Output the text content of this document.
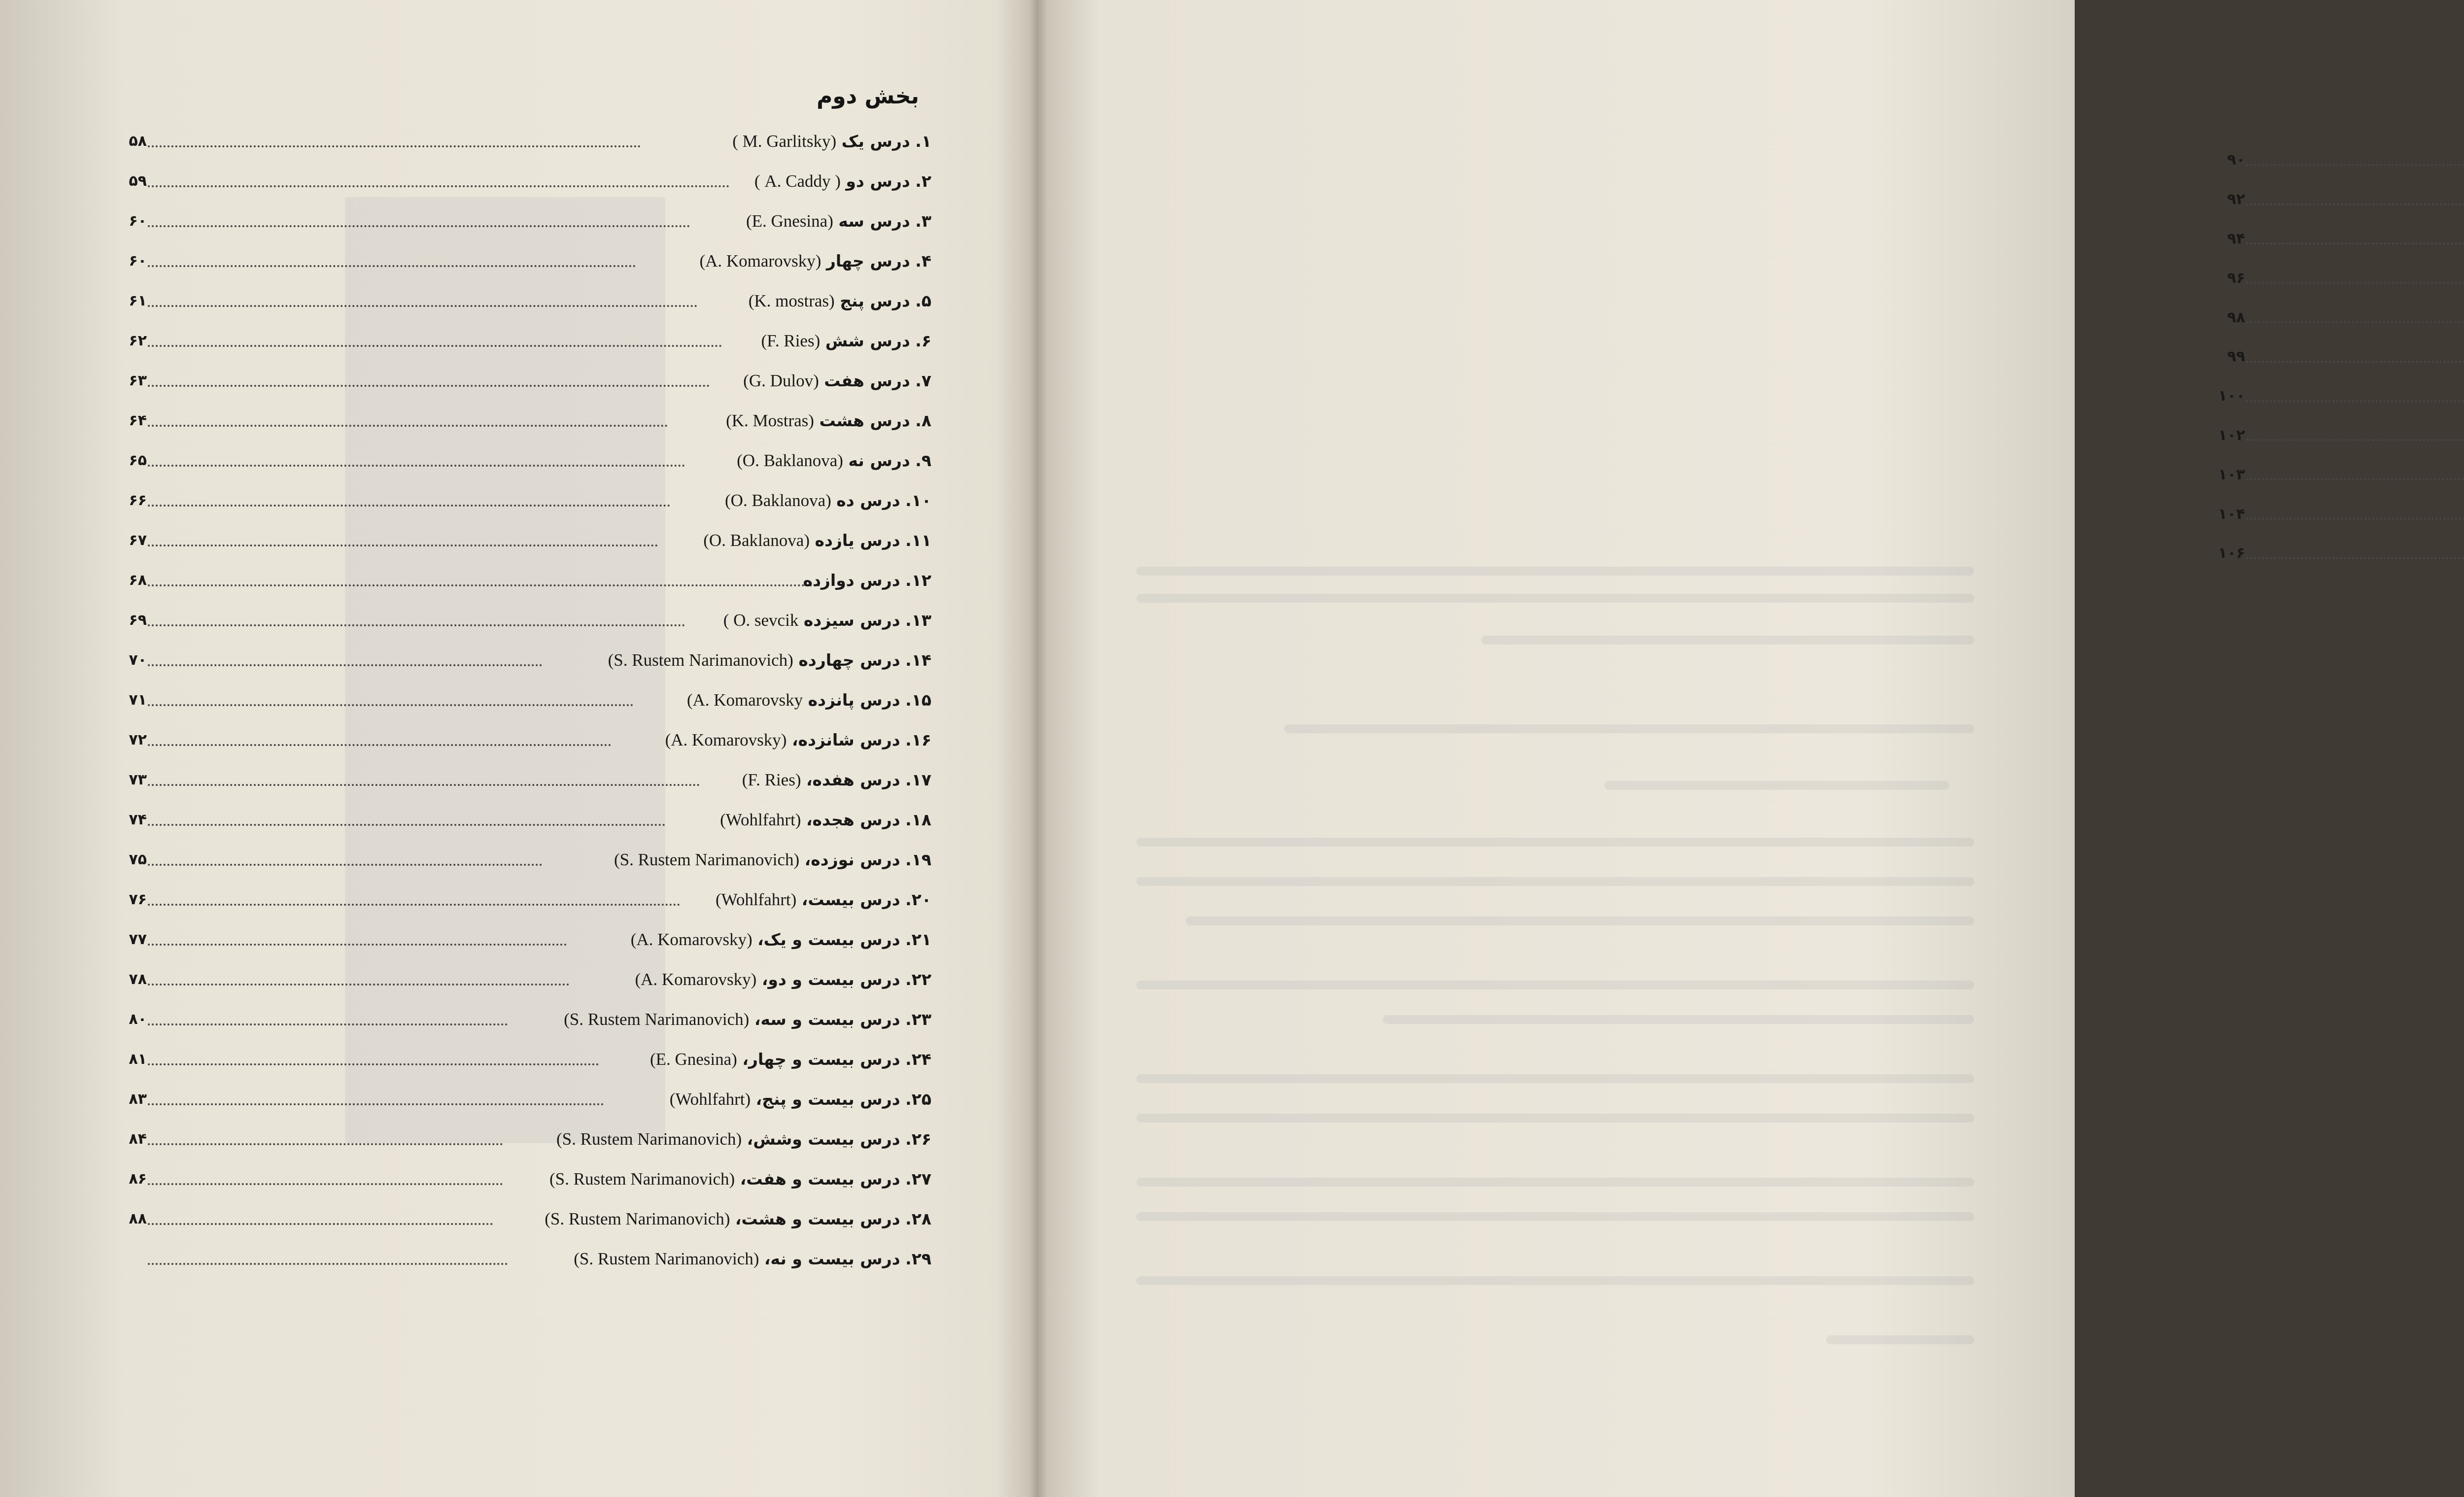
بخش دوم
۵۸	۱. درس یک ( M. Garlitsky)
۵۹	۲. درس دو ( A. Caddy )
۶۰	۳. درس سه (E. Gnesina)
۶۰	۴. درس چهار (A. Komarovsky)
۶۱	۵. درس پنج (K. mostras)
۶۲	۶. درس شش (F. Ries)
۶۳	۷. درس هفت (G. Dulov)
۶۴	۸. درس هشت (K. Mostras)
۶۵	۹. درس نه (O. Baklanova)
۶۶	۱۰. درس ده (O. Baklanova)
۶۷	۱۱. درس یازده (O. Baklanova)
۶۸	۱۲. درس دوازده
۶۹	۱۳. درس سیزده ( O. sevcik
۷۰	۱۴. درس چهارده (S. Rustem Narimanovich)
۷۱	۱۵. درس پانزده (A. Komarovsky
۷۲	۱۶. درس شانزده، (A. Komarovsky)
۷۳	۱۷. درس هفده، (F. Ries)
۷۴	۱۸. درس هجده، (Wohlfahrt)
۷۵	۱۹. درس نوزده، (S. Rustem Narimanovich)
۷۶	۲۰. درس بیست، (Wohlfahrt)
۷۷	۲۱. درس بیست و یک، (A. Komarovsky)
۷۸	۲۲. درس بیست و دو، (A. Komarovsky)
۸۰	۲۳. درس بیست و سه، (S. Rustem Narimanovich)
۸۱	۲۴. درس بیست و چهار، (E. Gnesina)
۸۳	۲۵. درس بیست و پنج، (Wohlfahrt)
۸۴	۲۶. درس بیست وشش، (S. Rustem Narimanovich)
۸۶	۲۷. درس بیست و هفت، (S. Rustem Narimanovich)
۸۸	۲۸. درس بیست و هشت، (S. Rustem Narimanovich)
۲۹. درس بیست و نه، (S. Rustem Narimanovich)
۹۰
۹۲
۹۴
۹۶
۹۸
۹۹
۱۰۰
۱۰۲
۱۰۳
۱۰۴
۱۰۶
